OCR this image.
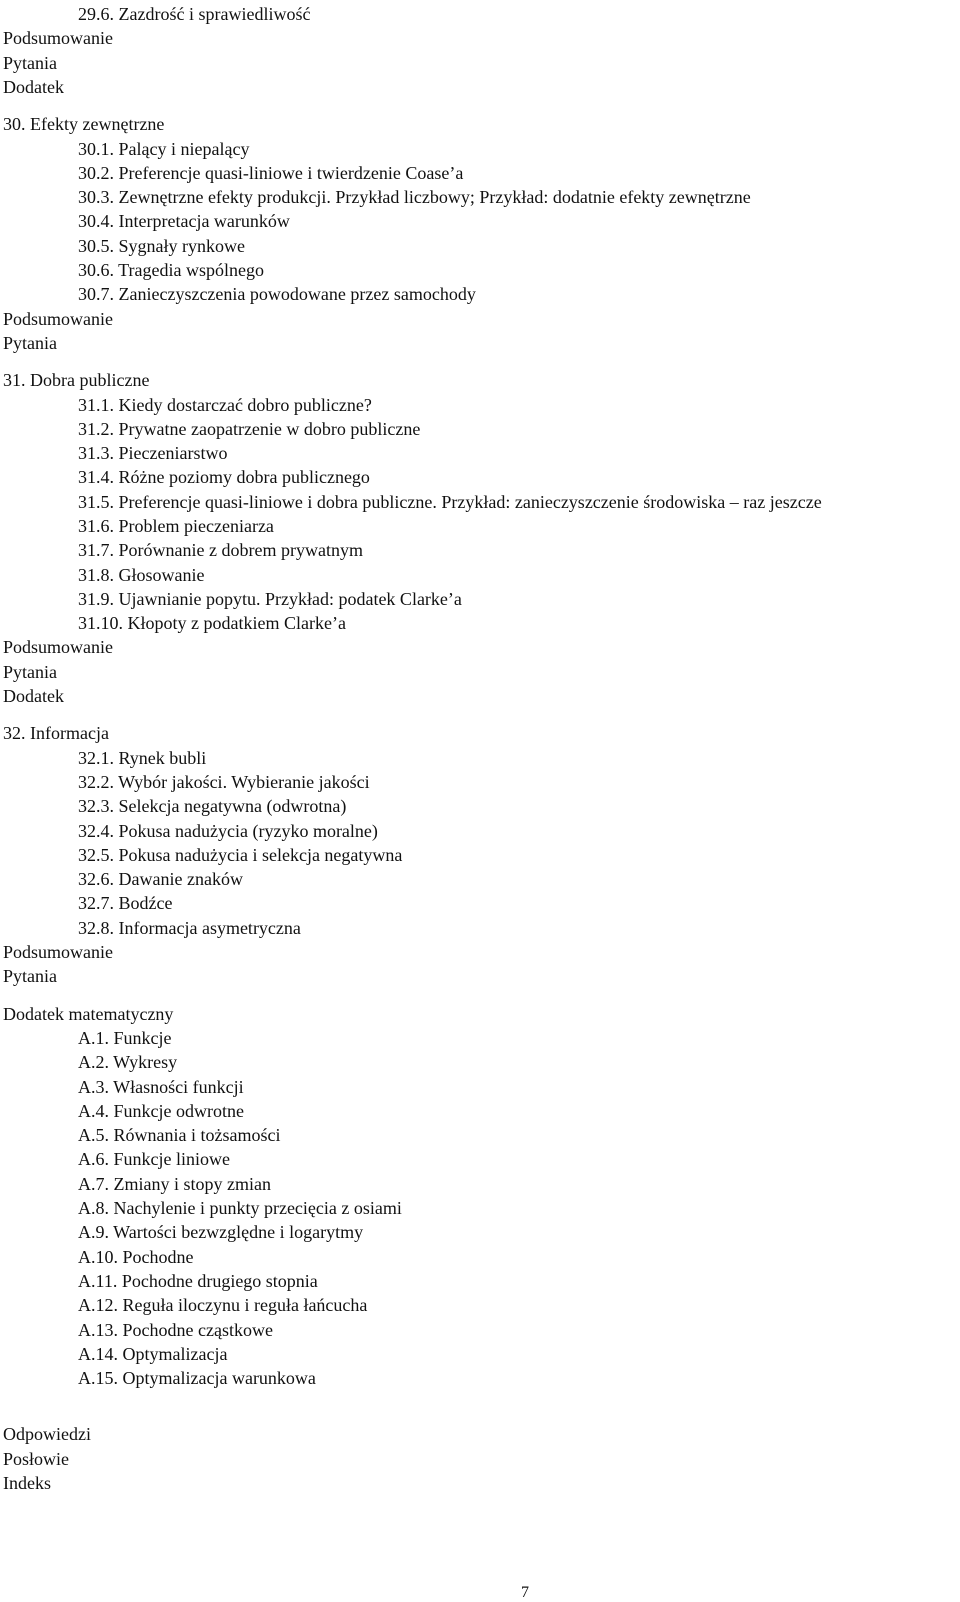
29.6. Zazdrość i sprawiedliwość
Podsumowanie
Pytania
Dodatek
30. Efekty zewnętrzne
30.1. Palący i niepalący
30.2. Preferencje quasi-liniowe i twierdzenie Coase’a
30.3. Zewnętrzne efekty produkcji. Przykład liczbowy; Przykład: dodatnie efekty zewnętrzne
30.4. Interpretacja warunków
30.5. Sygnały rynkowe
30.6. Tragedia wspólnego
30.7. Zanieczyszczenia powodowane przez samochody
Podsumowanie
Pytania
31. Dobra publiczne
31.1. Kiedy dostarczać dobro publiczne?
31.2. Prywatne zaopatrzenie w dobro publiczne
31.3. Pieczeniarstwo
31.4. Różne poziomy dobra publicznego
31.5. Preferencje quasi-liniowe i dobra publiczne. Przykład: zanieczyszczenie środowiska – raz jeszcze
31.6. Problem pieczeniarza
31.7. Porównanie z dobrem prywatnym
31.8. Głosowanie
31.9. Ujawnianie popytu. Przykład: podatek Clarke’a
31.10. Kłopoty z podatkiem Clarke’a
Podsumowanie
Pytania
Dodatek
32. Informacja
32.1. Rynek bubli
32.2. Wybór jakości. Wybieranie jakości
32.3. Selekcja negatywna (odwrotna)
32.4. Pokusa nadużycia (ryzyko moralne)
32.5. Pokusa nadużycia i selekcja negatywna
32.6. Dawanie znaków
32.7. Bodźce
32.8. Informacja asymetryczna
Podsumowanie
Pytania
Dodatek matematyczny
A.1. Funkcje
A.2. Wykresy
A.3. Własności funkcji
A.4. Funkcje odwrotne
A.5. Równania i tożsamości
A.6. Funkcje liniowe
A.7. Zmiany i stopy zmian
A.8. Nachylenie i punkty przecięcia z osiami
A.9. Wartości bezwzględne i logarytmy
A.10. Pochodne
A.11. Pochodne drugiego stopnia
A.12. Reguła iloczynu i reguła łańcucha
A.13. Pochodne cząstkowe
A.14. Optymalizacja
A.15. Optymalizacja warunkowa
Odpowiedzi
Posłowie
Indeks
7
